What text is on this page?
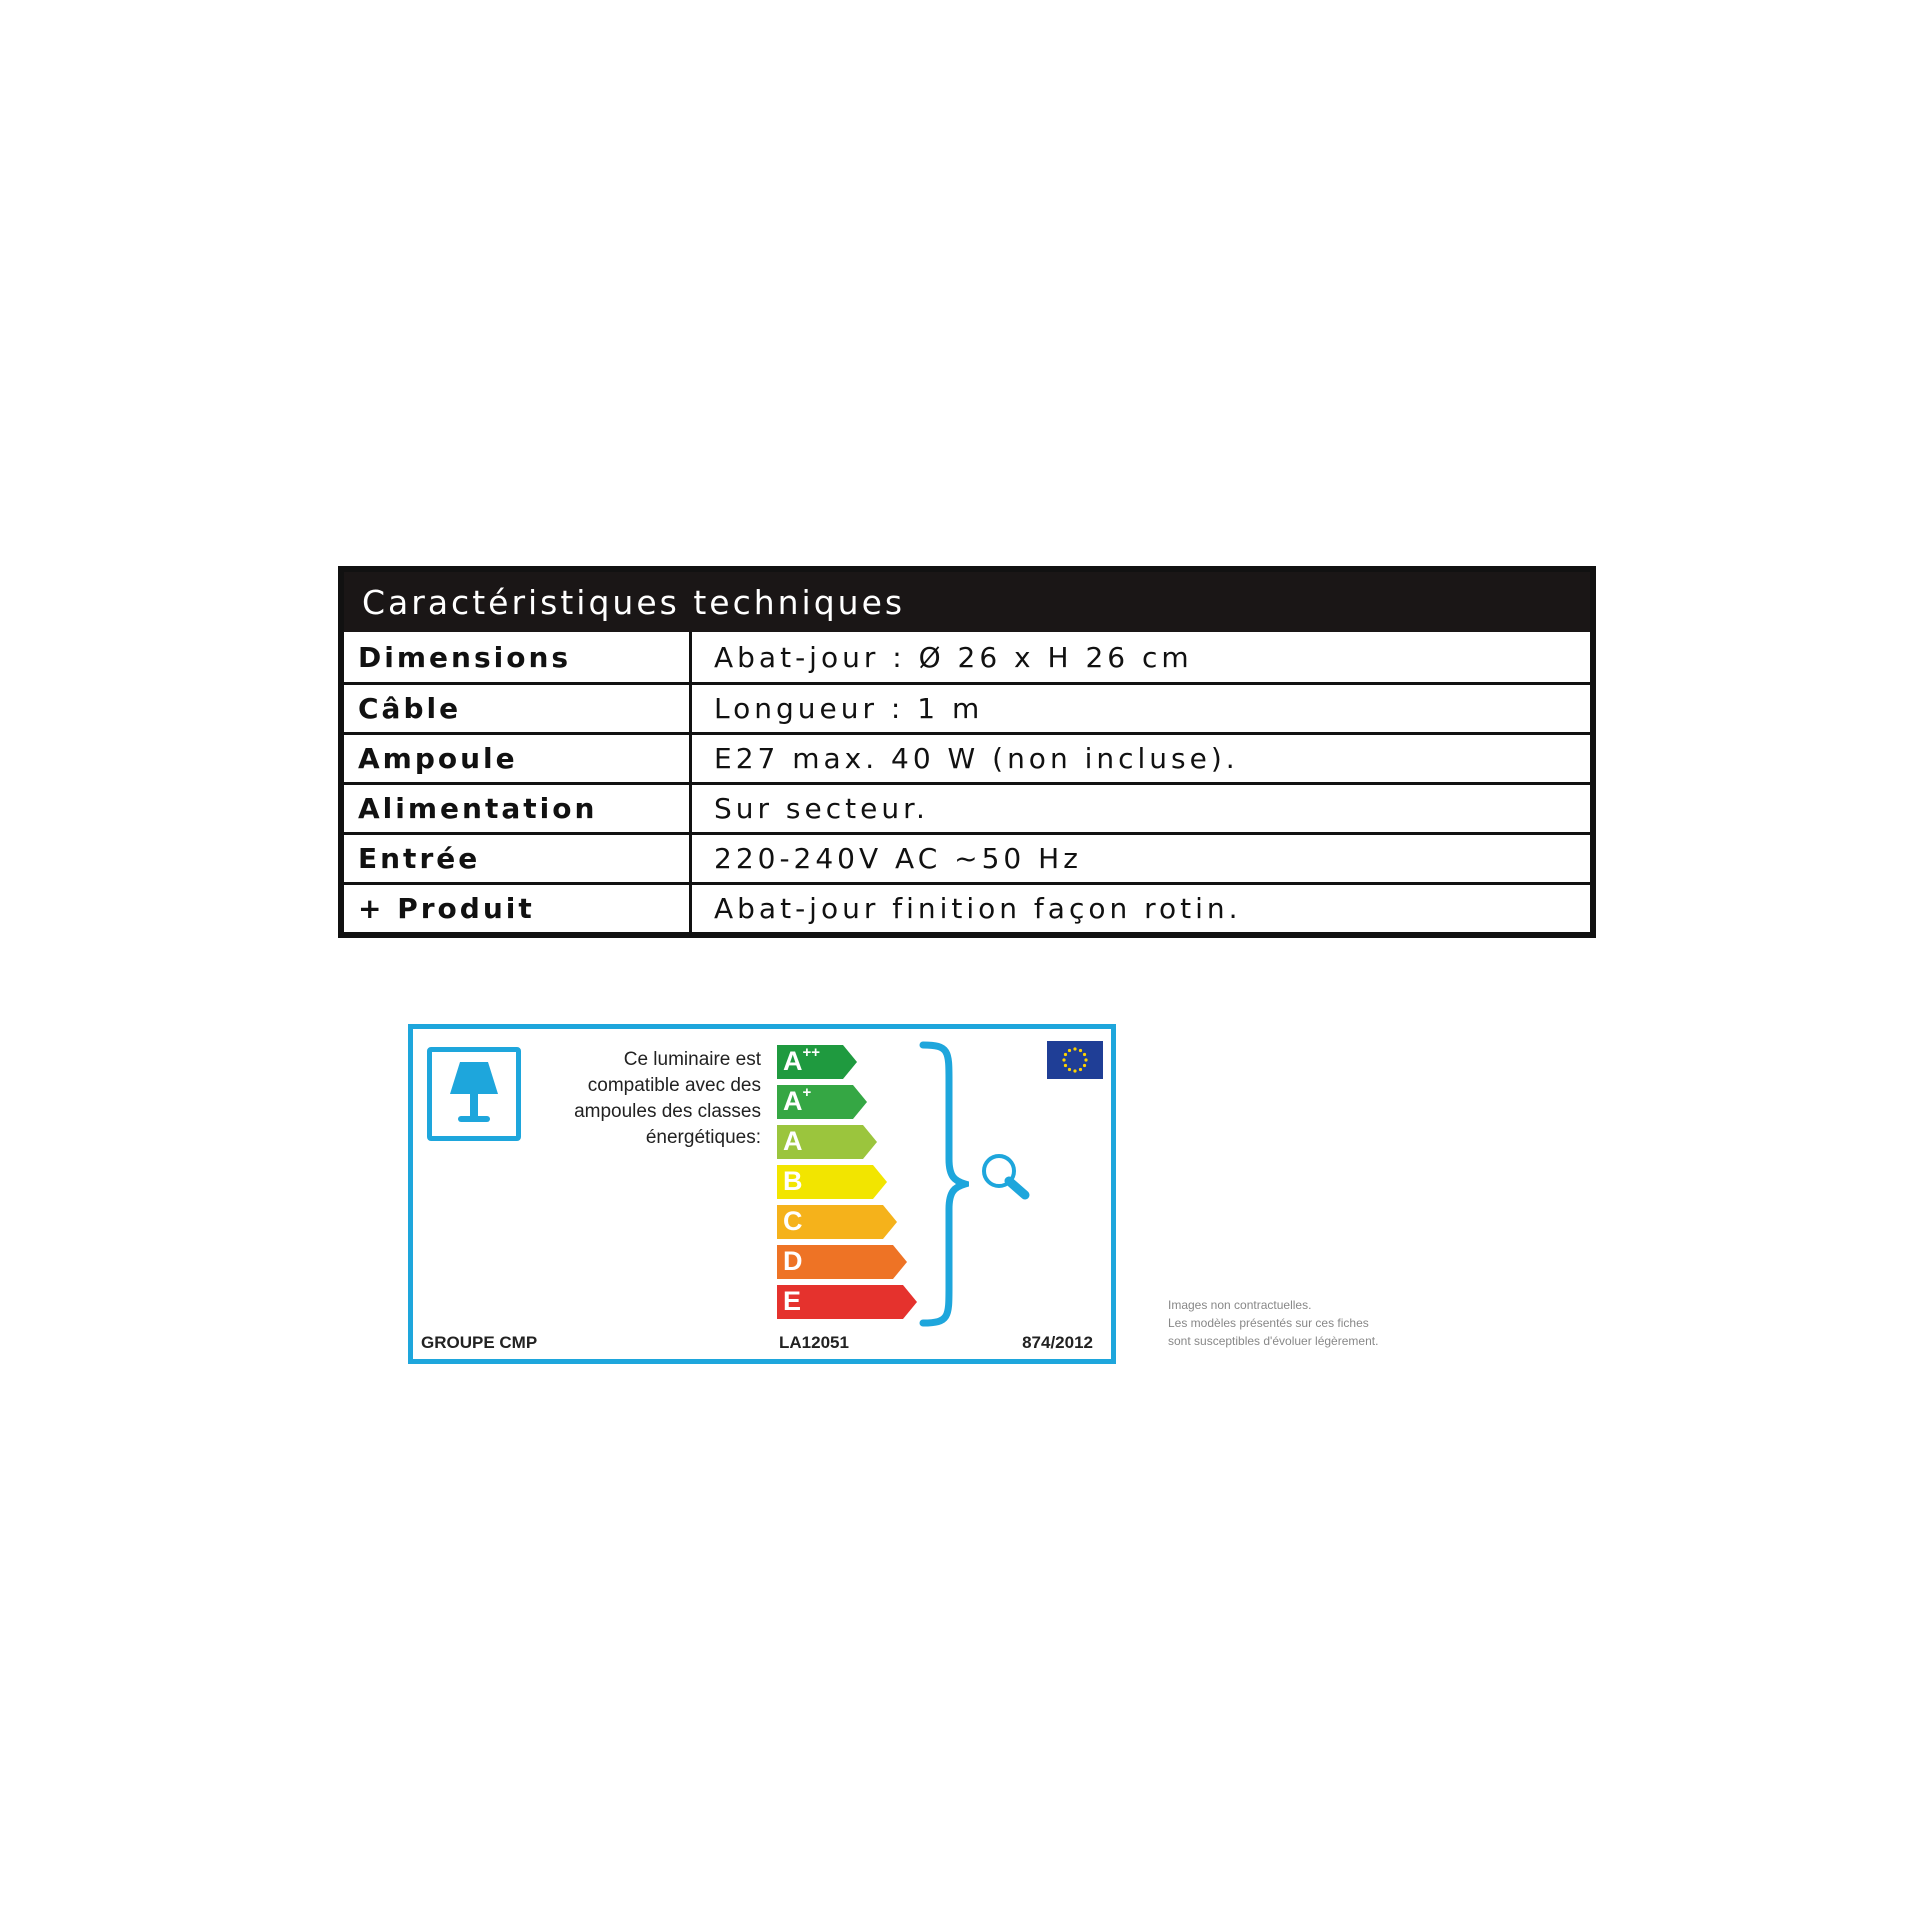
Caractéristiques techniques
Dimensions	Abat-jour : Ø 26 x H 26 cm
Câble	Longueur : 1 m
Ampoule	E27 max. 40 W (non incluse).
Alimentation	Sur secteur.
Entrée	220-240V AC ~50 Hz
+ Produit	Abat-jour finition façon rotin.
Ce luminaire est
compatible avec des
ampoules des classes
énergétiques:
A++
A+
A
B
C
D
E
GROUPE CMP	LA12051	874/2012
Images non contractuelles.
Les modèles présentés sur ces fiches
sont susceptibles d'évoluer légèrement.
